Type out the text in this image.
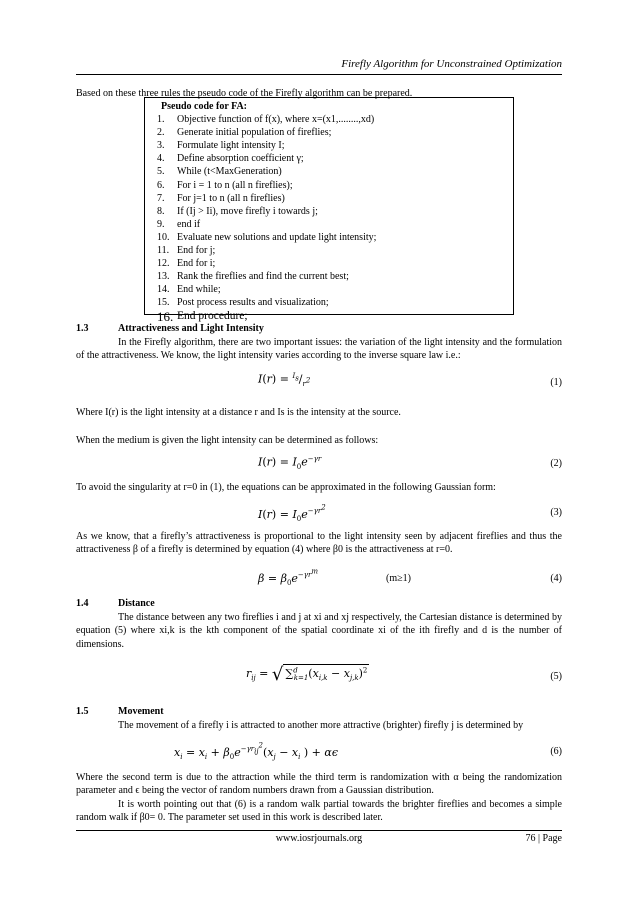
Firefly Algorithm for Unconstrained Optimization
Based on these three rules the pseudo code of the Firefly algorithm can be prepared.
Pseudo code for FA:
1.	Objective function of f(x), where x=(x1,........,xd)
2.	Generate initial population of fireflies;
3.	Formulate light intensity I;
4.	Define absorption coefficient γ;
5.	While (t<MaxGeneration)
6.	For i = 1 to n (all n fireflies);
7.	For j=1 to n (all n fireflies)
8.	If (Ij > Ii), move firefly i towards j;
9.	end if
10. Evaluate new solutions and update light intensity;
11. End for j;
12. End for i;
13. Rank the fireflies and find the current best;
14. End while;
15. Post process results and visualization;
16. End procedure;
1.3	Attractiveness and Light Intensity
In the Firefly algorithm, there are two important issues: the variation of the light intensity and the formulation of the attractiveness. We know, the light intensity varies according to the inverse square law i.e.:
$I(r) = ^{I_s}/_{r^2}$	(1)
Where I(r) is the light intensity at a distance r and Is is the intensity at the source.
When the medium is given the light intensity can be determined as follows:
$I(r) = I_0e^{-\gamma r}$	(2)
To avoid the singularity at r=0 in (1), the equations can be approximated in the following Gaussian form:
$I(r) = I_0e^{-\gamma r^2}$	(3)
As we know, that a firefly’s attractiveness is proportional to the light intensity seen by adjacent fireflies and thus the attractiveness β of a firefly is determined by equation (4) where β0 is the attractiveness at r=0.
$\beta = \beta_0e^{-\gamma r^m}$
(m≥1)	(4)
1.4	Distance
The distance between any two fireflies i and j at xi and xj respectively, the Cartesian distance is determined by equation (5) where xi,k is the kth component of the spatial coordinate xi of the ith firefly and d is the number of dimensions.
$r_{ij}$ = √ $\sum^d_{k=1}(x_{i,k} - x_{j,k})^2$
(5)
1.5	Movement
The movement of a firefly i is attracted to another more attractive (brighter) firefly j is determined by
$x_i = x_i + \beta_0e^{-\gamma r_{ij}^2}(x_j - x_i$ ) + αϵ	(6)
Where the second term is due to the attraction while the third term is randomization with α being the randomization parameter and ϵ being the vector of random numbers drawn from a Gaussian distribution.
It is worth pointing out that (6) is a random walk partial towards the brighter fireflies and becomes a simple random walk if β0= 0. The parameter set used in this work is described later.
www.iosrjournals.org	76 | Page
